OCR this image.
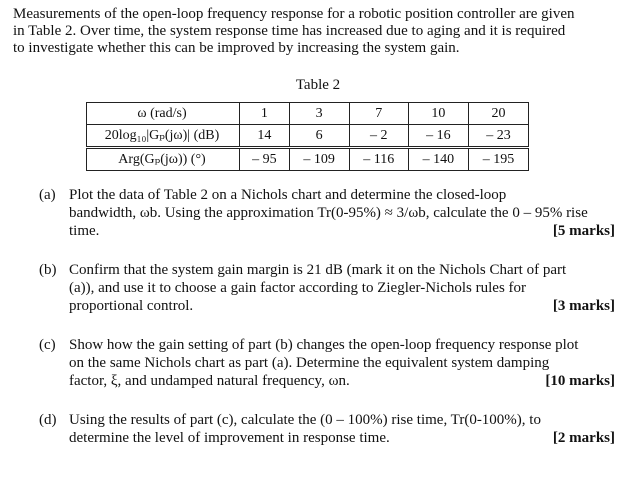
Measurements of the open-loop frequency response for a robotic position controller are given
in Table 2. Over time, the system response time has increased due to aging and it is required
to investigate whether this can be improved by increasing the system gain.
Table 2
ω (rad/s)	1	3	7	10	20
20log₁₀|Gₚ(jω)| (dB)	14	6	– 2	– 16	– 23
Arg(Gₚ(jω)) (°)	– 95	– 109	– 116	– 140	– 195
(a) Plot the data of Table 2 on a Nichols chart and determine the closed-loop
bandwidth, ωb. Using the approximation Tr(0-95%) ≈ 3/ωb, calculate the 0 – 95% rise
time.	[5 marks]
(b) Confirm that the system gain margin is 21 dB (mark it on the Nichols Chart of part
(a)), and use it to choose a gain factor according to Ziegler-Nichols rules for
proportional control.	[3 marks]
(c) Show how the gain setting of part (b) changes the open-loop frequency response plot
on the same Nichols chart as part (a). Determine the equivalent system damping
factor, ξ, and undamped natural frequency, ωn.	[10 marks]
(d) Using the results of part (c), calculate the (0 – 100%) rise time, Tr(0-100%), to
determine the level of improvement in response time.	[2 marks]
